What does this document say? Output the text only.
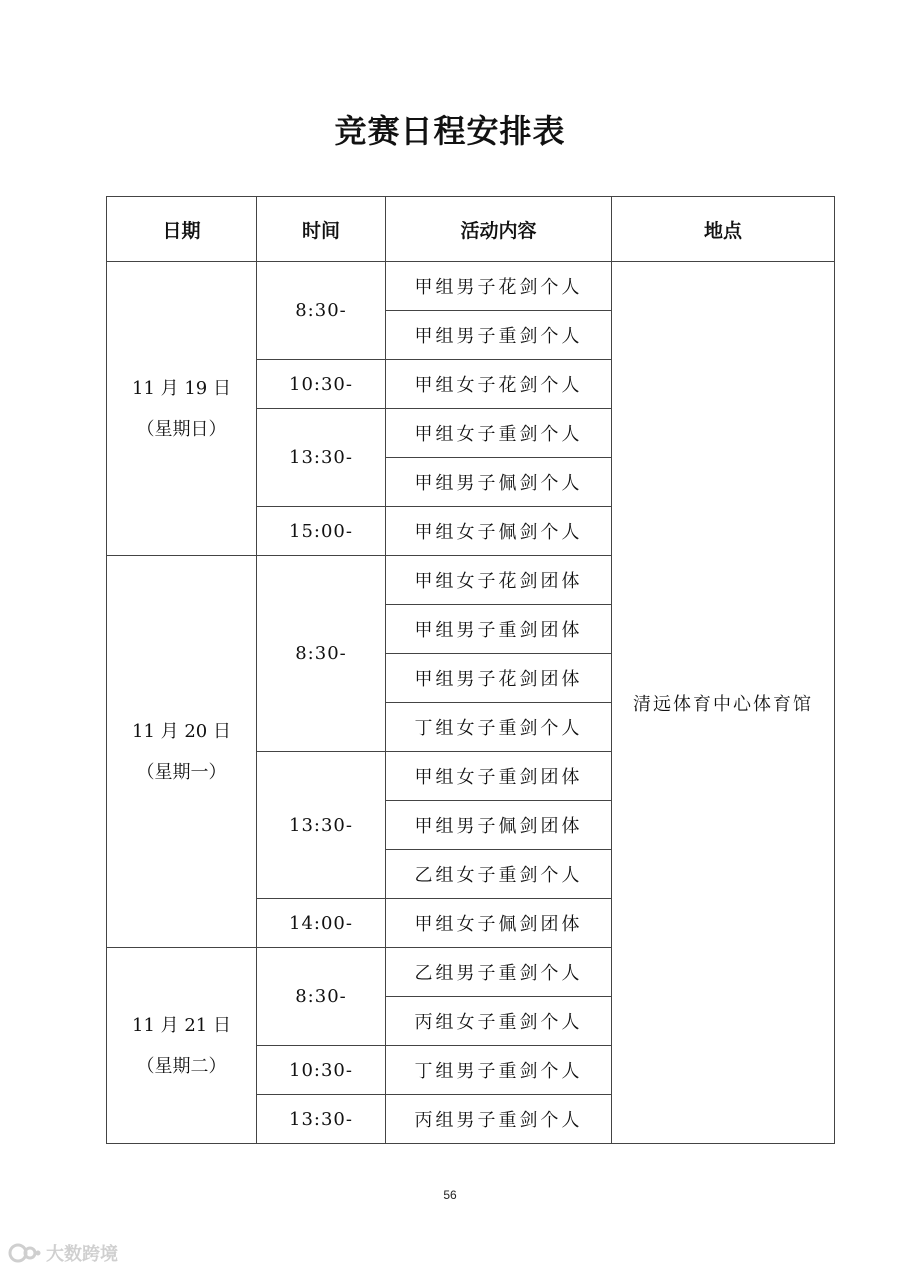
竞赛日程安排表
日期	时间	活动内容	地点

11 月 19 日
（星期日）	8:30-	甲组男子花剑个人	清远体育中心体育馆
		甲组男子重剑个人	
	10:30-	甲组女子花剑个人	
	13:30-	甲组女子重剑个人	
		甲组男子佩剑个人	
	15:00-	甲组女子佩剑个人	

11 月 20 日
（星期一）	8:30-	甲组女子花剑团体	
		甲组男子重剑团体	
		甲组男子花剑团体	
		丁组女子重剑个人	
	13:30-	甲组女子重剑团体	
		甲组男子佩剑团体	
		乙组女子重剑个人	
	14:00-	甲组女子佩剑团体	

11 月 21 日
（星期二）	8:30-	乙组男子重剑个人	
		丙组女子重剑个人	
	10:30-	丁组男子重剑个人	
	13:30-	丙组男子重剑个人	
56
大数跨境
